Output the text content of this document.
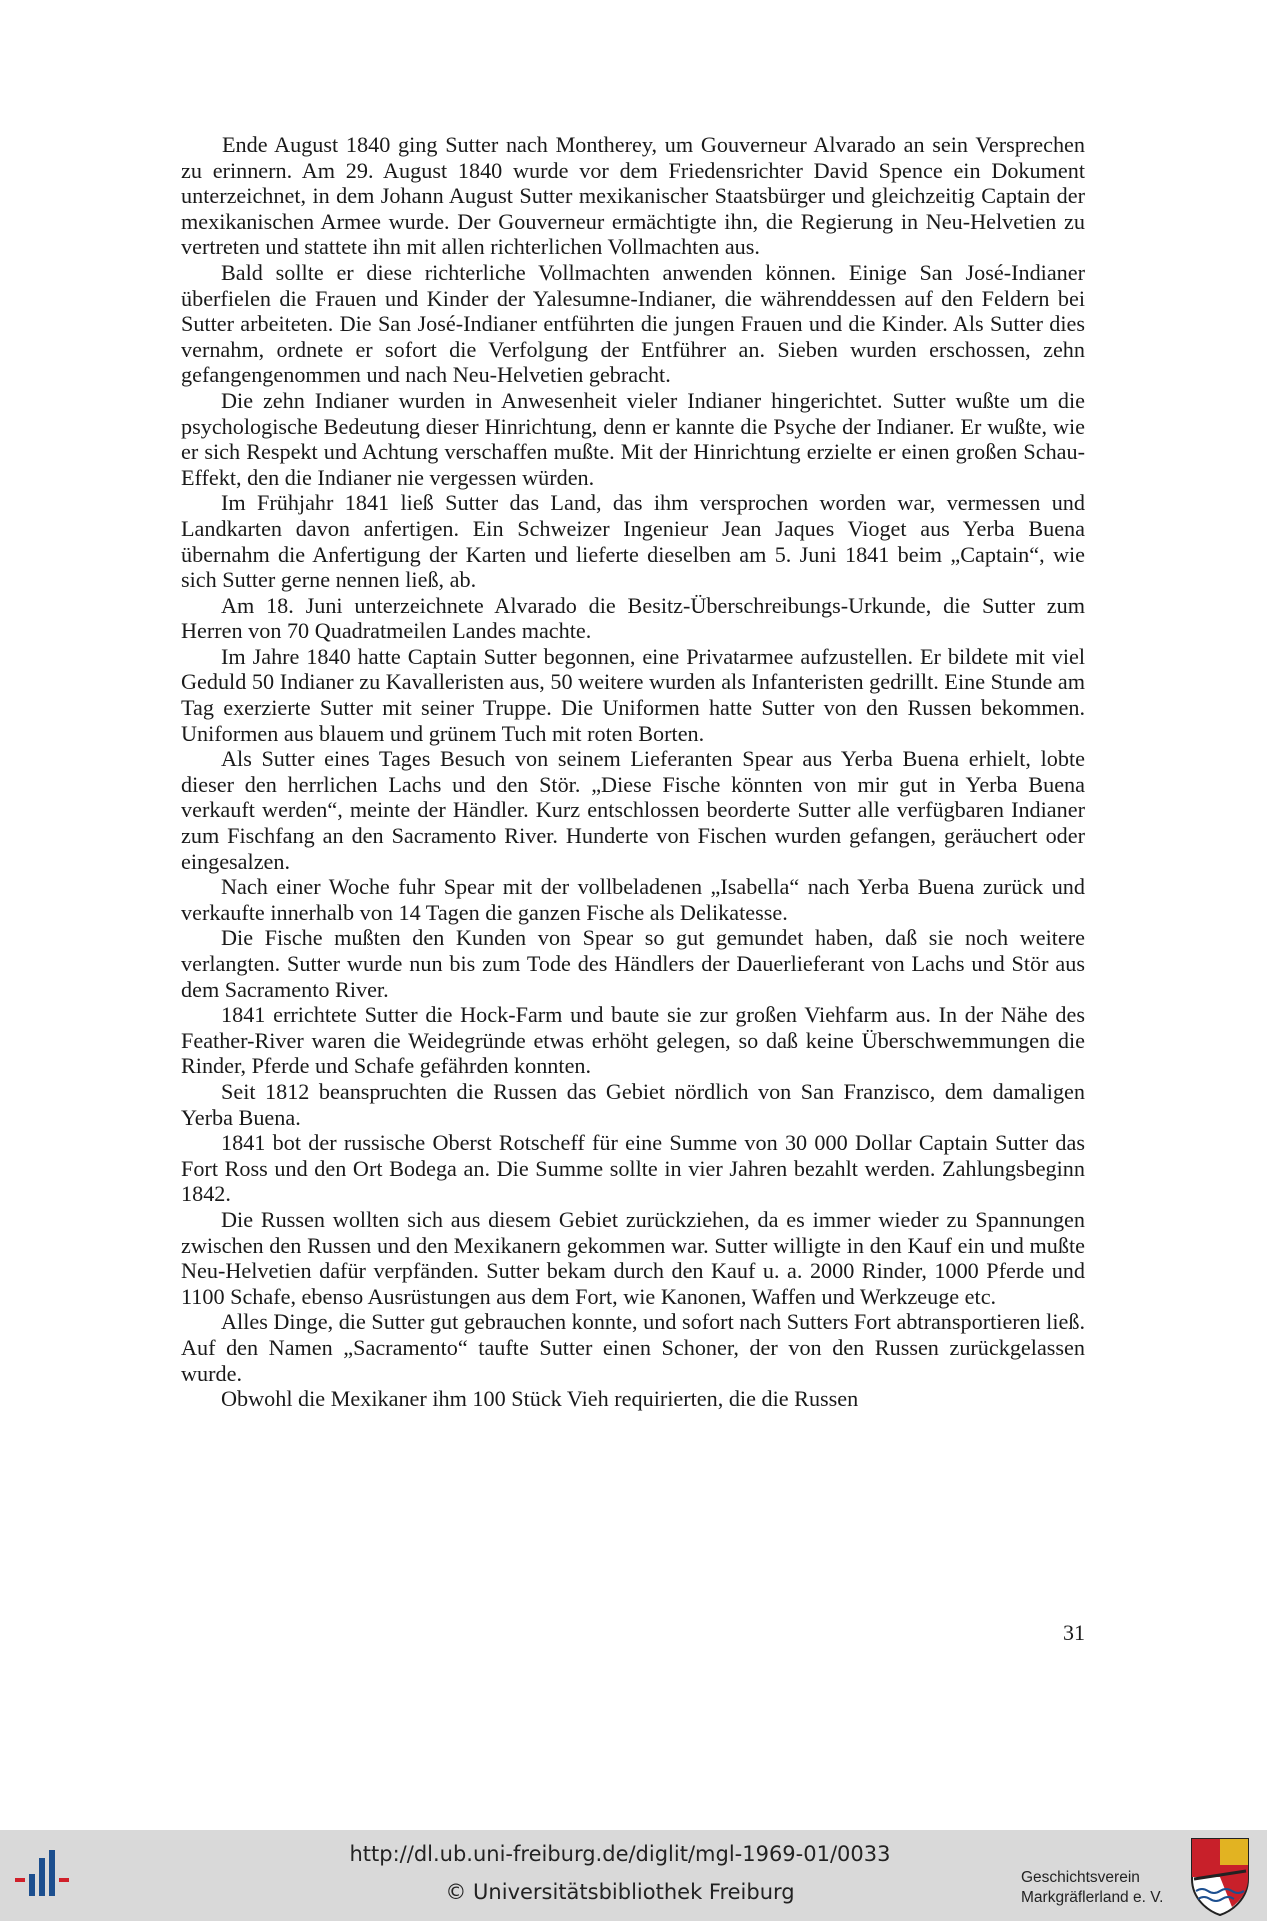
Ende August 1840 ging Sutter nach Montherey, um Gouverneur Alvarado an sein Versprechen zu erinnern. Am 29. August 1840 wurde vor dem Friedensrichter David Spence ein Dokument unterzeichnet, in dem Johann August Sutter mexikanischer Staatsbürger und gleichzeitig Captain der mexikanischen Armee wurde. Der Gouverneur ermächtigte ihn, die Regierung in Neu-Helvetien zu vertreten und stattete ihn mit allen richterlichen Vollmachten aus.

Bald sollte er diese richterliche Vollmachten anwenden können. Einige San José-Indianer überfielen die Frauen und Kinder der Yalesumne-Indianer, die währenddessen auf den Feldern bei Sutter arbeiteten. Die San José-Indianer entführten die jungen Frauen und die Kinder. Als Sutter dies vernahm, ordnete er sofort die Verfolgung der Entführer an. Sieben wurden erschossen, zehn gefangengenommen und nach Neu-Helvetien gebracht.

Die zehn Indianer wurden in Anwesenheit vieler Indianer hingerichtet. Sutter wußte um die psychologische Bedeutung dieser Hinrichtung, denn er kannte die Psyche der Indianer. Er wußte, wie er sich Respekt und Achtung verschaffen mußte. Mit der Hinrichtung erzielte er einen großen Schau-Effekt, den die Indianer nie vergessen würden.

Im Frühjahr 1841 ließ Sutter das Land, das ihm versprochen worden war, vermessen und Landkarten davon anfertigen. Ein Schweizer Ingenieur Jean Jaques Vioget aus Yerba Buena übernahm die Anfertigung der Karten und lieferte dieselben am 5. Juni 1841 beim „Captain“, wie sich Sutter gerne nennen ließ, ab.

Am 18. Juni unterzeichnete Alvarado die Besitz-Überschreibungs-Urkunde, die Sutter zum Herren von 70 Quadratmeilen Landes machte.

Im Jahre 1840 hatte Captain Sutter begonnen, eine Privatarmee aufzustellen. Er bildete mit viel Geduld 50 Indianer zu Kavalleristen aus, 50 weitere wurden als Infanteristen gedrillt. Eine Stunde am Tag exerzierte Sutter mit seiner Truppe. Die Uniformen hatte Sutter von den Russen bekommen. Uniformen aus blauem und grünem Tuch mit roten Borten.

Als Sutter eines Tages Besuch von seinem Lieferanten Spear aus Yerba Buena erhielt, lobte dieser den herrlichen Lachs und den Stör. „Diese Fische könnten von mir gut in Yerba Buena verkauft werden“, meinte der Händler. Kurz entschlossen beorderte Sutter alle verfügbaren Indianer zum Fischfang an den Sacramento River. Hunderte von Fischen wurden gefangen, geräuchert oder eingesalzen.

Nach einer Woche fuhr Spear mit der vollbeladenen „Isabella“ nach Yerba Buena zurück und verkaufte innerhalb von 14 Tagen die ganzen Fische als Delikatesse.

Die Fische mußten den Kunden von Spear so gut gemundet haben, daß sie noch weitere verlangten. Sutter wurde nun bis zum Tode des Händlers der Dauerlieferant von Lachs und Stör aus dem Sacramento River.

1841 errichtete Sutter die Hock-Farm und baute sie zur großen Viehfarm aus. In der Nähe des Feather-River waren die Weidegründe etwas erhöht gelegen, so daß keine Überschwemmungen die Rinder, Pferde und Schafe gefährden konnten.

Seit 1812 beanspruchten die Russen das Gebiet nördlich von San Franzisco, dem damaligen Yerba Buena.

1841 bot der russische Oberst Rotscheff für eine Summe von 30 000 Dollar Captain Sutter das Fort Ross und den Ort Bodega an. Die Summe sollte in vier Jahren bezahlt werden. Zahlungsbeginn 1842.

Die Russen wollten sich aus diesem Gebiet zurückziehen, da es immer wieder zu Spannungen zwischen den Russen und den Mexikanern gekommen war. Sutter willigte in den Kauf ein und mußte Neu-Helvetien dafür verpfänden. Sutter bekam durch den Kauf u. a. 2000 Rinder, 1000 Pferde und 1100 Schafe, ebenso Ausrüstungen aus dem Fort, wie Kanonen, Waffen und Werkzeuge etc.

Alles Dinge, die Sutter gut gebrauchen konnte, und sofort nach Sutters Fort abtransportieren ließ. Auf den Namen „Sacramento“ taufte Sutter einen Schoner, der von den Russen zurückgelassen wurde.

Obwohl die Mexikaner ihm 100 Stück Vieh requirierten, die die Russen

31
http://dl.ub.uni-freiburg.de/diglit/mgl-1969-01/0033
© Universitätsbibliothek Freiburg
Geschichtsverein
Markgräflerland e. V.
